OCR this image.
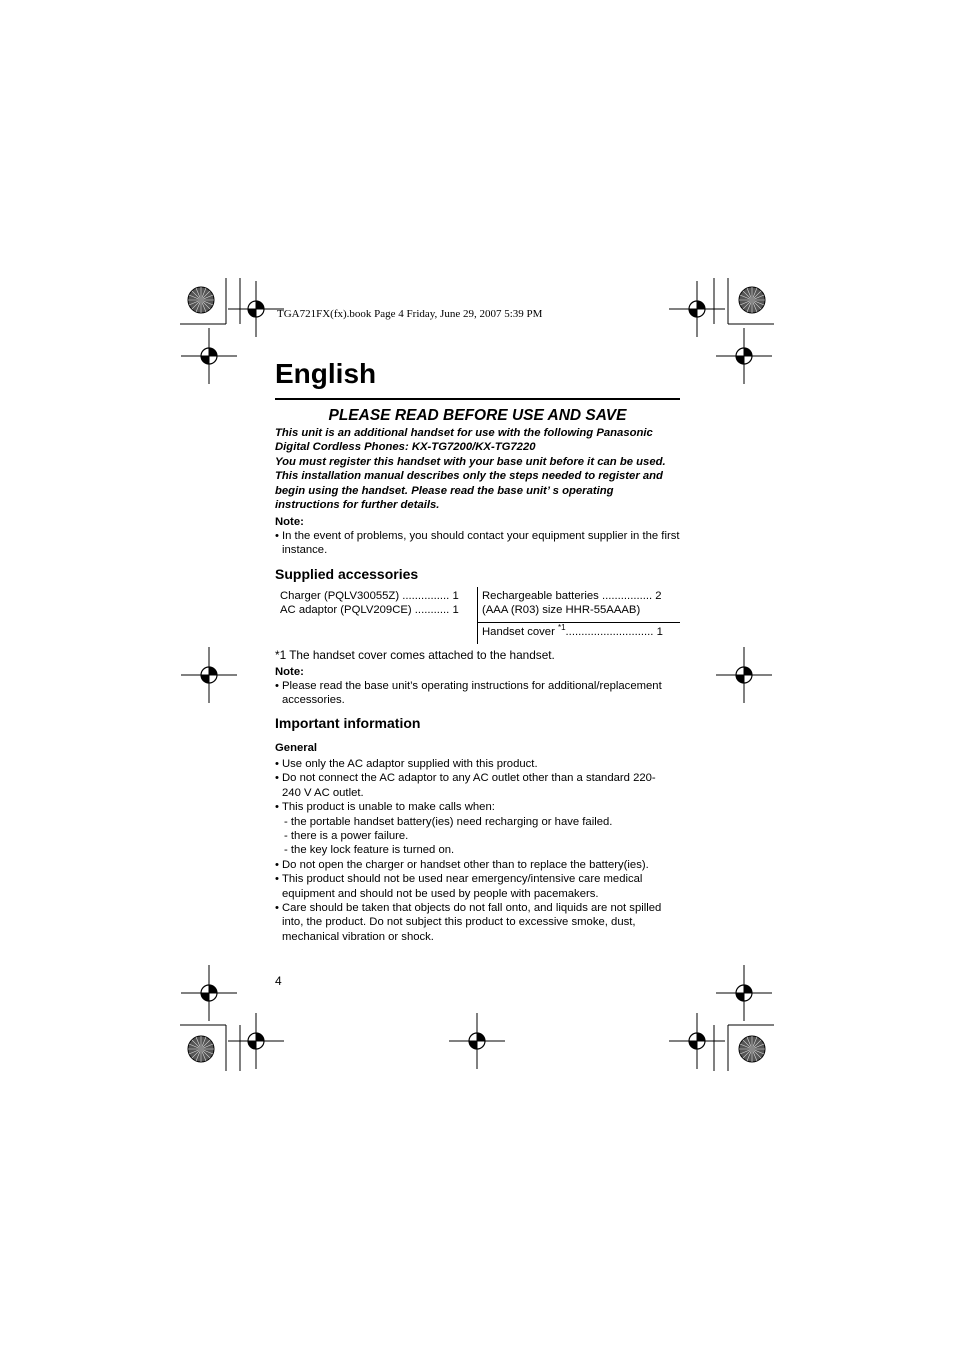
TGA721FX(fx).book Page 4 Friday, June 29, 2007 5:39 PM
English
PLEASE READ BEFORE USE AND SAVE

This unit is an additional handset for use with the following Panasonic Digital Cordless Phones: KX-TG7200/KX-TG7220

You must register this handset with your base unit before it can be used.

This installation manual describes only the steps needed to register and begin using the handset. Please read the base unit’ s operating instructions for further details.

Note:
• In the event of problems, you should contact your equipment supplier in the first instance.
Supplied accessories
Charger (PQLV30055Z) ............... 1
AC adaptor (PQLV209CE) ........... 1
Rechargeable batteries ................ 2
(AAA (R03) size HHR-55AAAB)
Handset cover $^{*1}$............................ 1
*1 The handset cover comes attached to the handset.
Note:
• Please read the base unit’s operating instructions for additional/replacement accessories.
Important information
General
• Use only the AC adaptor supplied with this product.
• Do not connect the AC adaptor to any AC outlet other than a standard 220-240 V AC outlet.
• This product is unable to make calls when:
- the portable handset battery(ies) need recharging or have failed.
- there is a power failure.
- the key lock feature is turned on.
• Do not open the charger or handset other than to replace the battery(ies).
• This product should not be used near emergency/intensive care medical equipment and should not be used by people with pacemakers.
• Care should be taken that objects do not fall onto, and liquids are not spilled into, the product. Do not subject this product to excessive smoke, dust, mechanical vibration or shock.
4
